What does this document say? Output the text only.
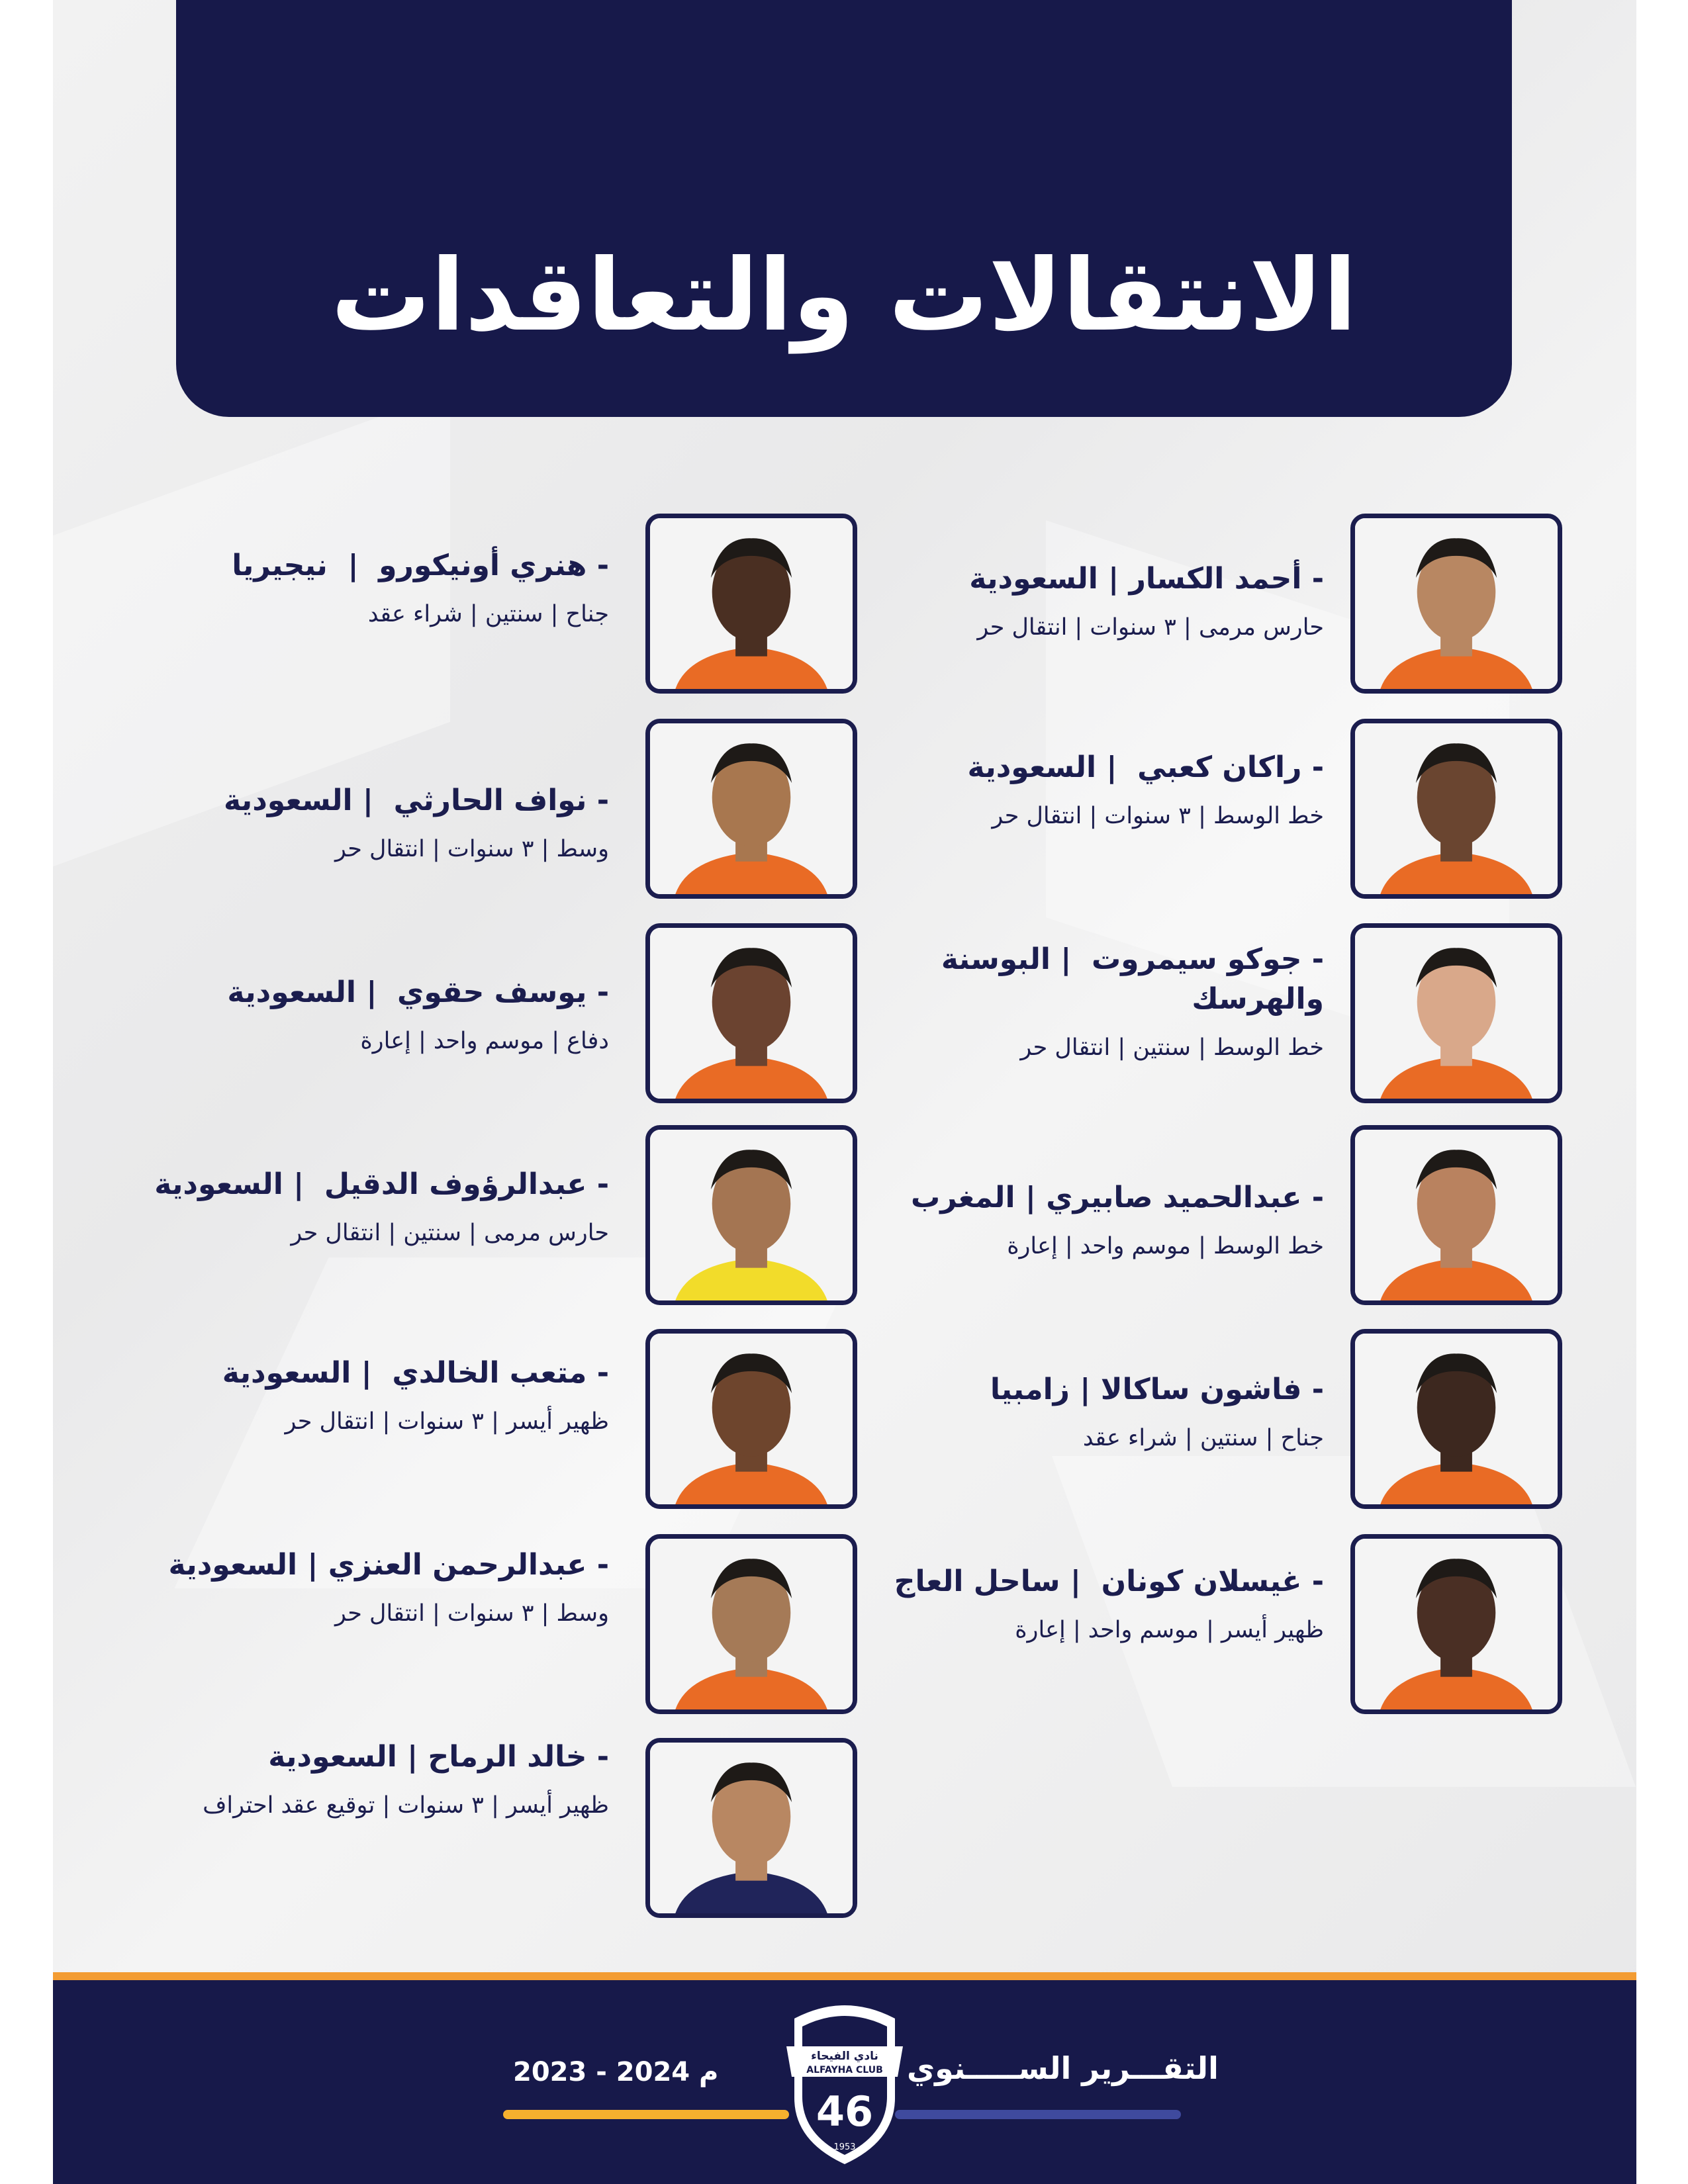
الانتقالات والتعاقدات
- أحمد الكسار | السعودية
حارس مرمى | ٣ سنوات | انتقال حر
- هنري أونيكورو  |  نيجيريا
جناح | سنتين | شراء عقد
- راكان كعبي  | السعودية
خط الوسط | ٣ سنوات | انتقال حر
- نواف الحارثي  | السعودية
وسط | ٣ سنوات | انتقال حر
- جوكو سيمروت  | البوسنة
والهرسك
خط الوسط | سنتين | انتقال حر
- يوسف حقوي  | السعودية
دفاع | موسم واحد | إعارة
- عبدالحميد صابيري | المغرب
خط الوسط | موسم واحد | إعارة
- عبدالرؤوف الدقيل  | السعودية
حارس مرمى | سنتين | انتقال حر
- فاشون ساكالا | زامبيا
جناح | سنتين | شراء عقد
- متعب الخالدي  | السعودية
ظهير أيسر | ٣ سنوات | انتقال حر
- غيسلان كونان  | ساحل العاج
ظهير أيسر | موسم واحد | إعارة
- عبدالرحمن العنزي | السعودية
وسط | ٣ سنوات | انتقال حر
- خالد الرماح | السعودية
ظهير أيسر | ٣ سنوات | توقيع عقد احتراف
التقـــرير الســـــنوي
2023 - 2024 م
نادي الفيحاء
ALFAYHA CLUB
46
1953
